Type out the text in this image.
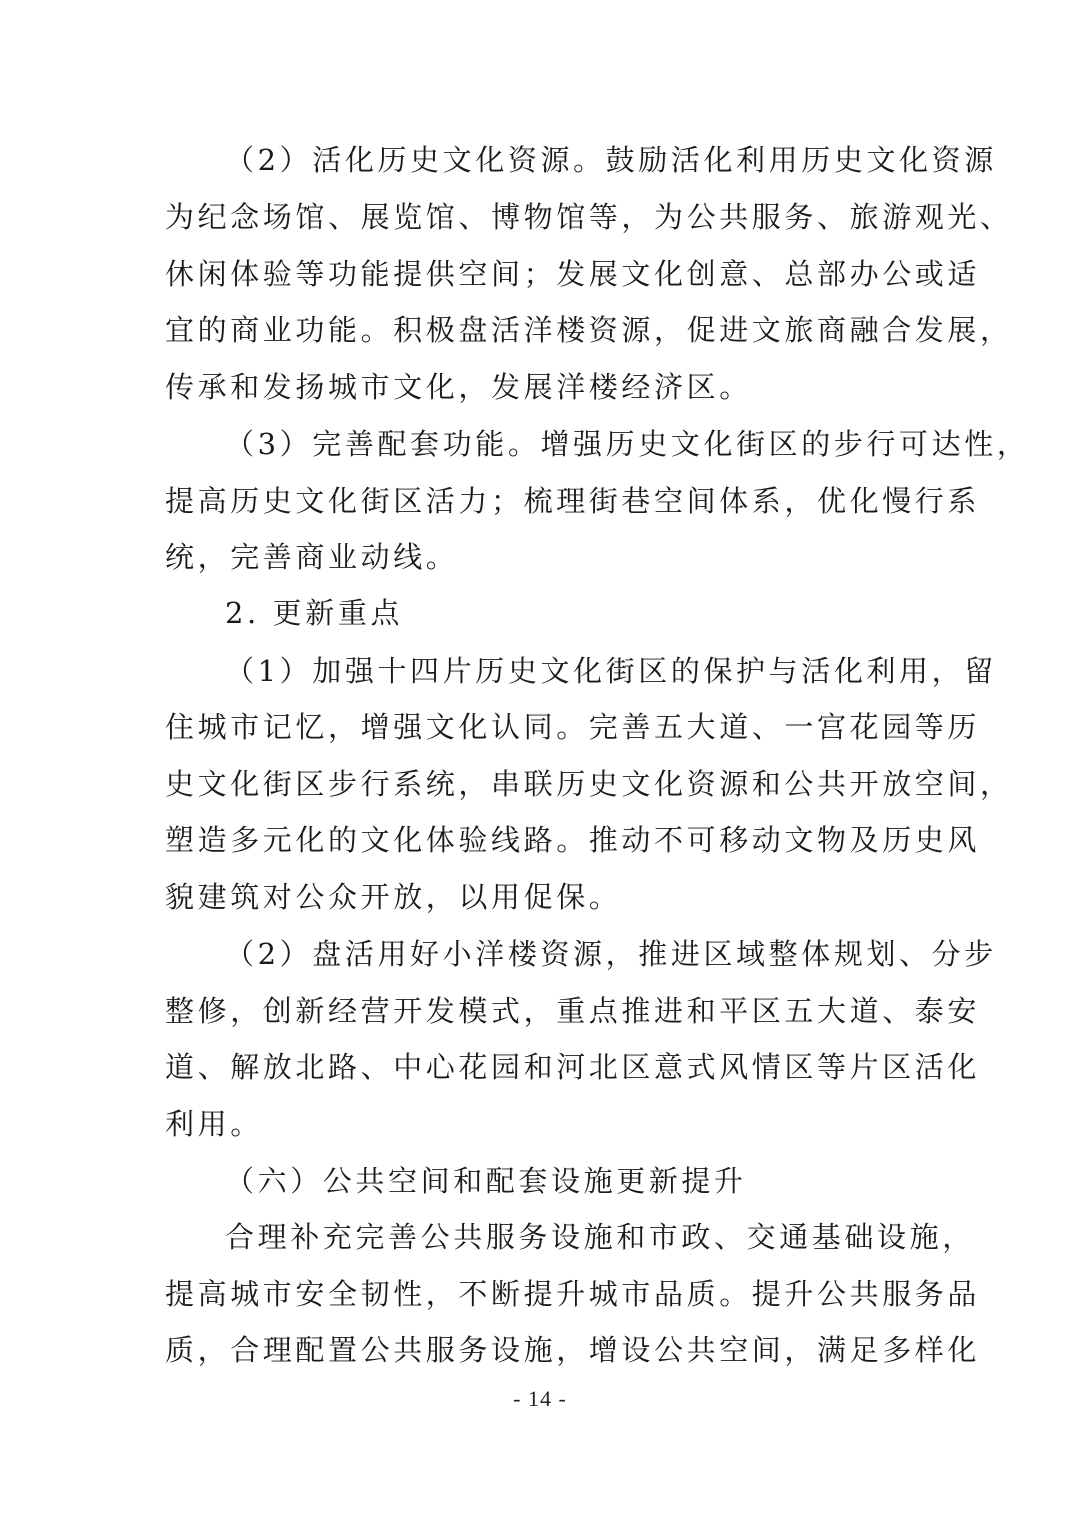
（2）活化历史文化资源。鼓励活化利用历史文化资源
为纪念场馆、展览馆、博物馆等，为公共服务、旅游观光、
休闲体验等功能提供空间；发展文化创意、总部办公或适
宜的商业功能。积极盘活洋楼资源，促进文旅商融合发展，
传承和发扬城市文化，发展洋楼经济区。
（3）完善配套功能。增强历史文化街区的步行可达性，
提高历史文化街区活力；梳理街巷空间体系，优化慢行系
统，完善商业动线。
2. 更新重点
（1）加强十四片历史文化街区的保护与活化利用，留
住城市记忆，增强文化认同。完善五大道、一宫花园等历
史文化街区步行系统，串联历史文化资源和公共开放空间，
塑造多元化的文化体验线路。推动不可移动文物及历史风
貌建筑对公众开放，以用促保。
（2）盘活用好小洋楼资源，推进区域整体规划、分步
整修，创新经营开发模式，重点推进和平区五大道、泰安
道、解放北路、中心花园和河北区意式风情区等片区活化
利用。
（六）公共空间和配套设施更新提升
合理补充完善公共服务设施和市政、交通基础设施，
提高城市安全韧性，不断提升城市品质。提升公共服务品
质，合理配置公共服务设施，增设公共空间，满足多样化
- 14 -
